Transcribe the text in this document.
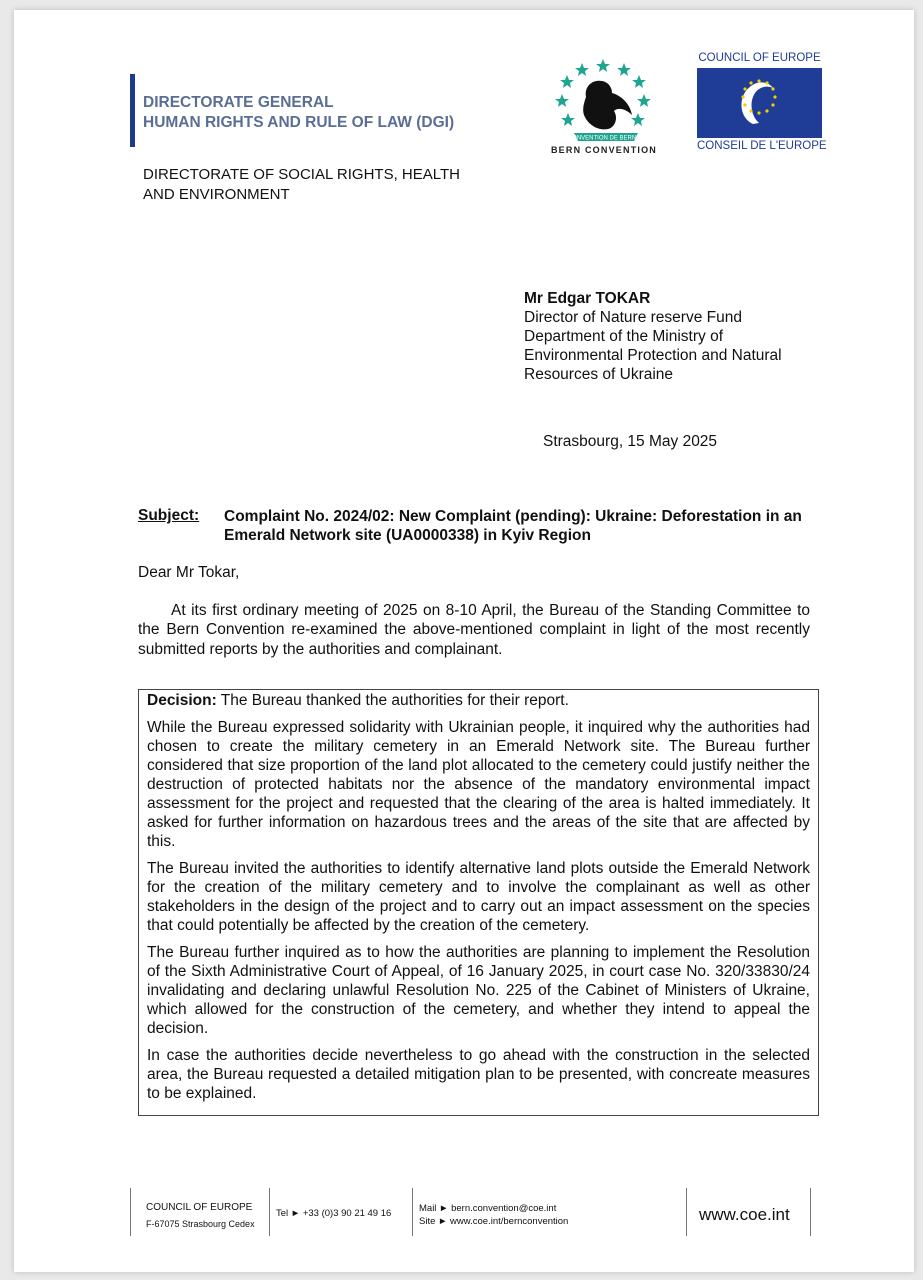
DIRECTORATE GENERAL
HUMAN RIGHTS AND RULE OF LAW (DGI)
DIRECTORATE OF SOCIAL RIGHTS, HEALTH
AND ENVIRONMENT
CONVENTION DE BERNE
BERN CONVENTION
COUNCIL OF EUROPE
CONSEIL DE L'EUROPE
Mr Edgar TOKAR
Director of Nature reserve Fund
Department of the Ministry of
Environmental Protection and Natural
Resources of Ukraine
Strasbourg, 15 May 2025
Subject: Complaint No. 2024/02: New Complaint (pending): Ukraine: Deforestation in an Emerald Network site (UA0000338) in Kyiv Region
Dear Mr Tokar,
At its first ordinary meeting of 2025 on 8-10 April, the Bureau of the Standing Committee to the Bern Convention re-examined the above-mentioned complaint in light of the most recently submitted reports by the authorities and complainant.

Decision: The Bureau thanked the authorities for their report.

While the Bureau expressed solidarity with Ukrainian people, it inquired why the authorities had chosen to create the military cemetery in an Emerald Network site. The Bureau further considered that size proportion of the land plot allocated to the cemetery could justify neither the destruction of protected habitats nor the absence of the mandatory environmental impact assessment for the project and requested that the clearing of the area is halted immediately. It asked for further information on hazardous trees and the areas of the site that are affected by this.

The Bureau invited the authorities to identify alternative land plots outside the Emerald Network for the creation of the military cemetery and to involve the complainant as well as other stakeholders in the design of the project and to carry out an impact assessment on the species that could potentially be affected by the creation of the cemetery.

The Bureau further inquired as to how the authorities are planning to implement the Resolution of the Sixth Administrative Court of Appeal, of 16 January 2025, in court case No. 320/33830/24 invalidating and declaring unlawful Resolution No. 225 of the Cabinet of Ministers of Ukraine, which allowed for the construction of the cemetery, and whether they intend to appeal the decision.

In case the authorities decide nevertheless to go ahead with the construction in the selected area, the Bureau requested a detailed mitigation plan to be presented, with concreate measures to be explained.

COUNCIL OF EUROPE
F-67075 Strasbourg Cedex
Tel ► +33 (0)3 90 21 49 16	Mail ► bern.convention@coe.int
Site ► www.coe.int/bernconvention	www.coe.int
